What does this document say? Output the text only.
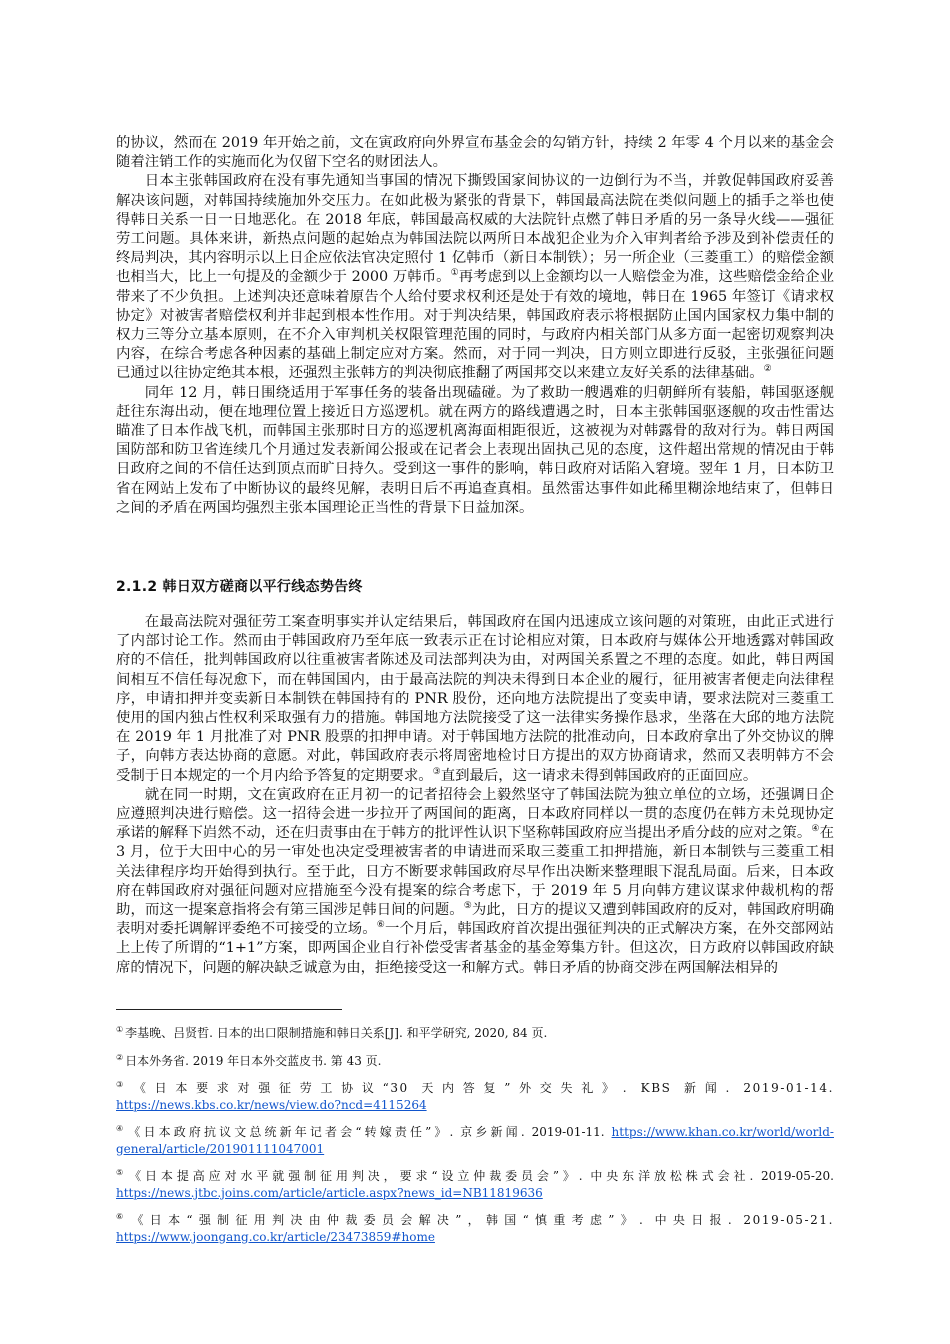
的协议，然而在 2019 年开始之前，文在寅政府向外界宣布基金会的勾销方针，持续 2 年零 4 个月以来的基金会随着注销工作的实施而化为仅留下空名的财团法人。

日本主张韩国政府在没有事先通知当事国的情况下撕毁国家间协议的一边倒行为不当，并敦促韩国政府妥善解决该问题，对韩国持续施加外交压力。在如此极为紧张的背景下，韩国最高法院在类似问题上的插手之举也使得韩日关系一日一日地恶化。在 2018 年底，韩国最高权威的大法院针点燃了韩日矛盾的另一条导火线——强征劳工问题。具体来讲，新热点问题的起始点为韩国法院以两所日本战犯企业为介入审判者给予涉及到补偿责任的终局判决，其内容明示以上日企应依法官决定照付 1 亿韩币（新日本制铁）；另一所企业（三菱重工）的赔偿金额也相当大，比上一句提及的金额少于 2000 万韩币。①再考虑到以上金额均以一人赔偿金为准，这些赔偿金给企业带来了不少负担。上述判决还意味着原告个人给付要求权利还是处于有效的境地，韩日在 1965 年签订《请求权协定》对被害者赔偿权利并非起到根本性作用。对于判决结果，韩国政府表示将根据防止国内国家权力集中制的权力三等分立基本原则，在不介入审判机关权限管理范围的同时，与政府内相关部门从多方面一起密切观察判决内容，在综合考虑各种因素的基础上制定应对方案。然而，对于同一判决，日方则立即进行反驳，主张强征问题已通过以往协定绝其本根，还强烈主张韩方的判决彻底推翻了两国邦交以来建立友好关系的法律基础。②

同年 12 月，韩日围绕适用于军事任务的装备出现磕碰。为了救助一艘遇难的归朝鲜所有装船，韩国驱逐舰赶往东海出动，便在地理位置上接近日方巡逻机。就在两方的路线遭遇之时，日本主张韩国驱逐舰的攻击性雷达瞄准了日本作战飞机，而韩国主张那时日方的巡逻机离海面相距很近，这被视为对韩露骨的敌对行为。韩日两国国防部和防卫省连续几个月通过发表新闻公报或在记者会上表现出固执己见的态度，这件超出常规的情况由于韩日政府之间的不信任达到顶点而旷日持久。受到这一事件的影响，韩日政府对话陷入窘境。翌年 1 月，日本防卫省在网站上发布了中断协议的最终见解，表明日后不再追查真相。虽然雷达事件如此稀里糊涂地结束了，但韩日之间的矛盾在两国均强烈主张本国理论正当性的背景下日益加深。

2.1.2 韩日双方磋商以平行线态势告终

在最高法院对强征劳工案查明事实并认定结果后，韩国政府在国内迅速成立该问题的对策班，由此正式进行了内部讨论工作。然而由于韩国政府乃至年底一致表示正在讨论相应对策，日本政府与媒体公开地透露对韩国政府的不信任，批判韩国政府以往重被害者陈述及司法部判决为由，对两国关系置之不理的态度。如此，韩日两国间相互不信任每况愈下，而在韩国国内，由于最高法院的判决未得到日本企业的履行，征用被害者便走向法律程序，申请扣押并变卖新日本制铁在韩国持有的 PNR 股份，还向地方法院提出了变卖申请，要求法院对三菱重工使用的国内独占性权利采取强有力的措施。韩国地方法院接受了这一法律实务操作恳求，坐落在大邱的地方法院在 2019 年 1 月批准了对 PNR 股票的扣押申请。对于韩国地方法院的批准动向，日本政府拿出了外交协议的牌子，向韩方表达协商的意愿。对此，韩国政府表示将周密地检讨日方提出的双方协商请求，然而又表明韩方不会受制于日本规定的一个月内给予答复的定期要求。③直到最后，这一请求未得到韩国政府的正面回应。

就在同一时期，文在寅政府在正月初一的记者招待会上毅然坚守了韩国法院为独立单位的立场，还强调日企应遵照判决进行赔偿。这一招待会进一步拉开了两国间的距离，日本政府同样以一贯的态度仍在韩方未兑现协定承诺的解释下岿然不动，还在归责事由在于韩方的批评性认识下坚称韩国政府应当提出矛盾分歧的应对之策。④在 3 月，位于大田中心的另一审处也决定受理被害者的申请进而采取三菱重工扣押措施，新日本制铁与三菱重工相关法律程序均开始得到执行。至于此，日方不断要求韩国政府尽早作出决断来整理眼下混乱局面。后来，日本政府在韩国政府对强征问题对应措施至今没有提案的综合考虑下，于 2019 年 5 月向韩方建议谋求仲裁机构的帮助，而这一提案意指将会有第三国涉足韩日间的问题。⑤为此，日方的提议又遭到韩国政府的反对，韩国政府明确表明对委托调解评委绝不可接受的立场。⑥一个月后，韩国政府首次提出强征判决的正式解决方案，在外交部网站上上传了所谓的“1+1”方案，即两国企业自行补偿受害者基金的基金筹集方针。但这次，日方政府以韩国政府缺席的情况下，问题的解决缺乏诚意为由，拒绝接受这一和解方式。韩日矛盾的协商交涉在两国解法相异的

① 李基晚、吕贤哲. 日本的出口限制措施和韩日关系[J]. 和平学研究, 2020, 84 页.

② 日本外务省. 2019 年日本外交蓝皮书. 第 43 页.

③ 《日本要求对强征劳工协议“30 天内答复”外交失礼》. KBS 新闻. 2019-01-14. https://news.kbs.co.kr/news/view.do?ncd=4115264

④ 《日本政府抗议文总统新年记者会“转嫁责任”》. 京乡新闻. 2019-01-11. https://www.khan.co.kr/world/world-general/article/201901111047001

⑤ 《日本提高应对水平就强制征用判决，要求“设立仲裁委员会”》. 中央东洋放松株式会社. 2019-05-20. https://news.jtbc.joins.com/article/article.aspx?news_id=NB11819636

⑥ 《日本“强制征用判决由仲裁委员会解决”，韩国“慎重考虑”》. 中央日报. 2019-05-21. https://www.joongang.co.kr/article/23473859#home
